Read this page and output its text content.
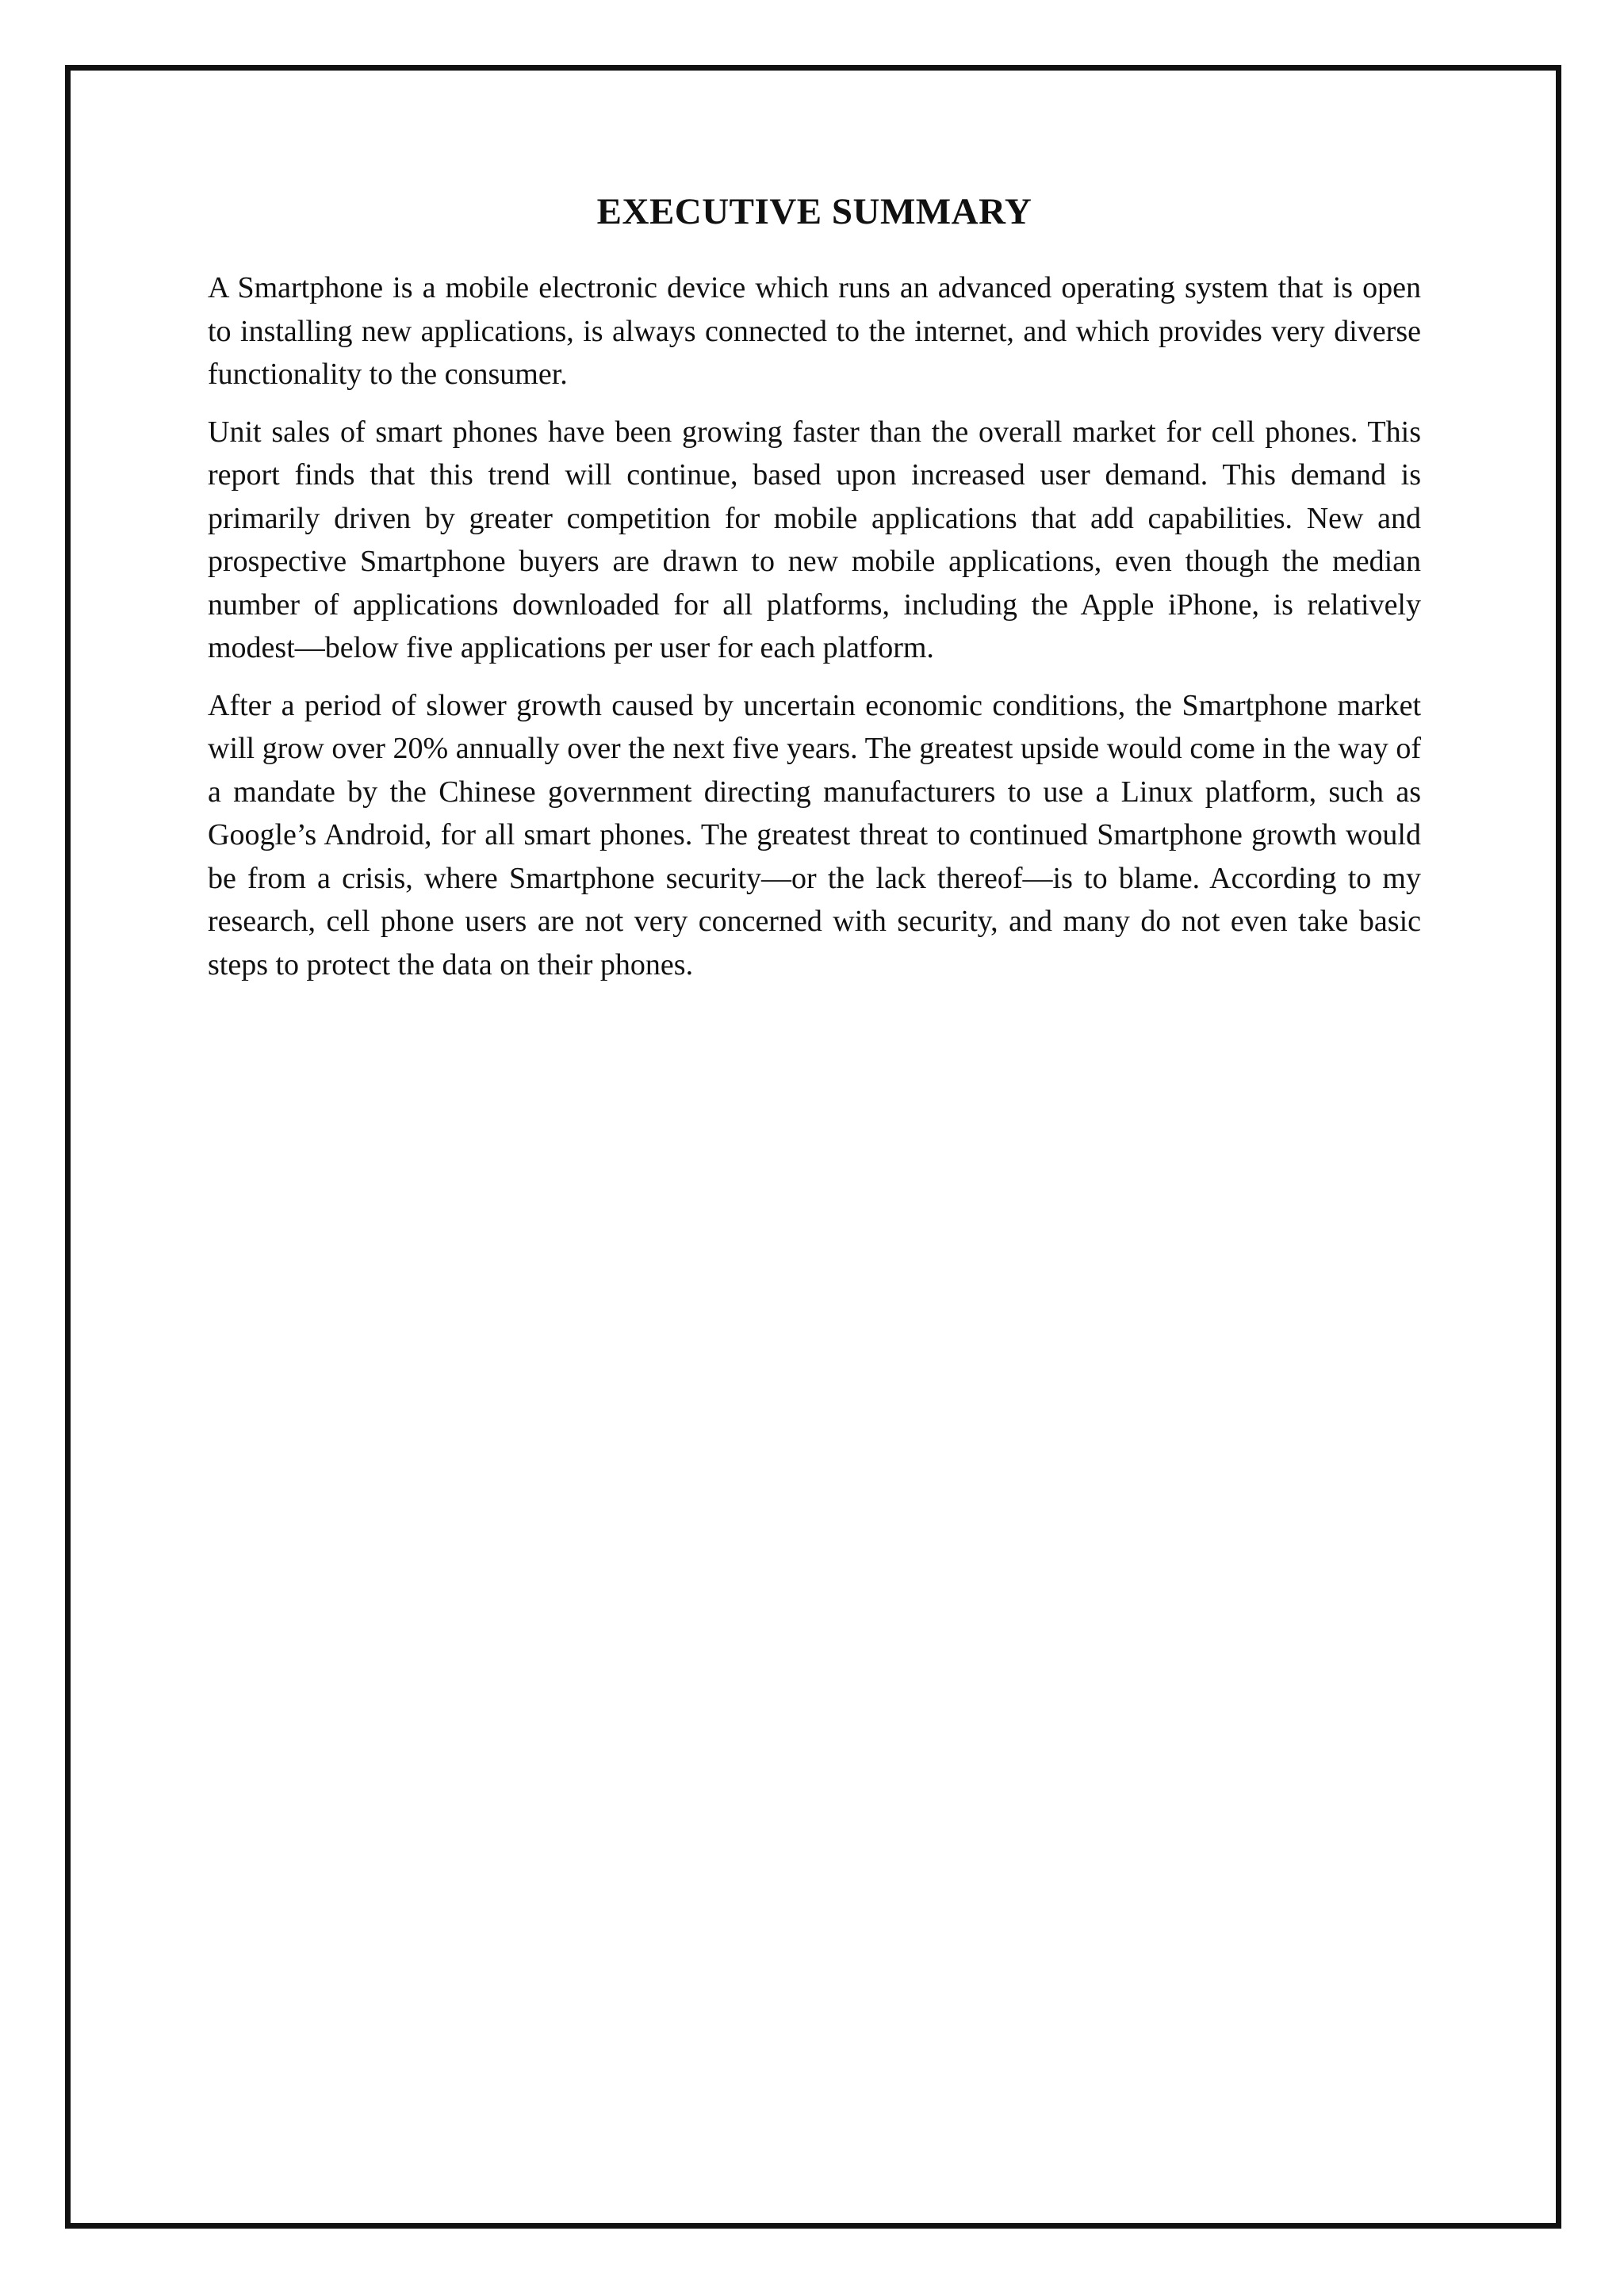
EXECUTIVE SUMMARY

A Smartphone is a mobile electronic device which runs an advanced operating system that is open to installing new applications, is always connected to the internet, and which provides very diverse functionality to the consumer.

Unit sales of smart phones have been growing faster than the overall market for cell phones. This report finds that this trend will continue, based upon increased user demand. This demand is primarily driven by greater competition for mobile applications that add capabilities. New and prospective Smartphone buyers are drawn to new mobile applications, even though the median number of applications downloaded for all platforms, including the Apple iPhone, is relatively modest—below five applications per user for each platform.

After a period of slower growth caused by uncertain economic conditions, the Smartphone market will grow over 20% annually over the next five years. The greatest upside would come in the way of a mandate by the Chinese government directing manufacturers to use a Linux platform, such as Google’s Android, for all smart phones. The greatest threat to continued Smartphone growth would be from a crisis, where Smartphone security—or the lack thereof—is to blame. According to my research, cell phone users are not very concerned with security, and many do not even take basic steps to protect the data on their phones.
